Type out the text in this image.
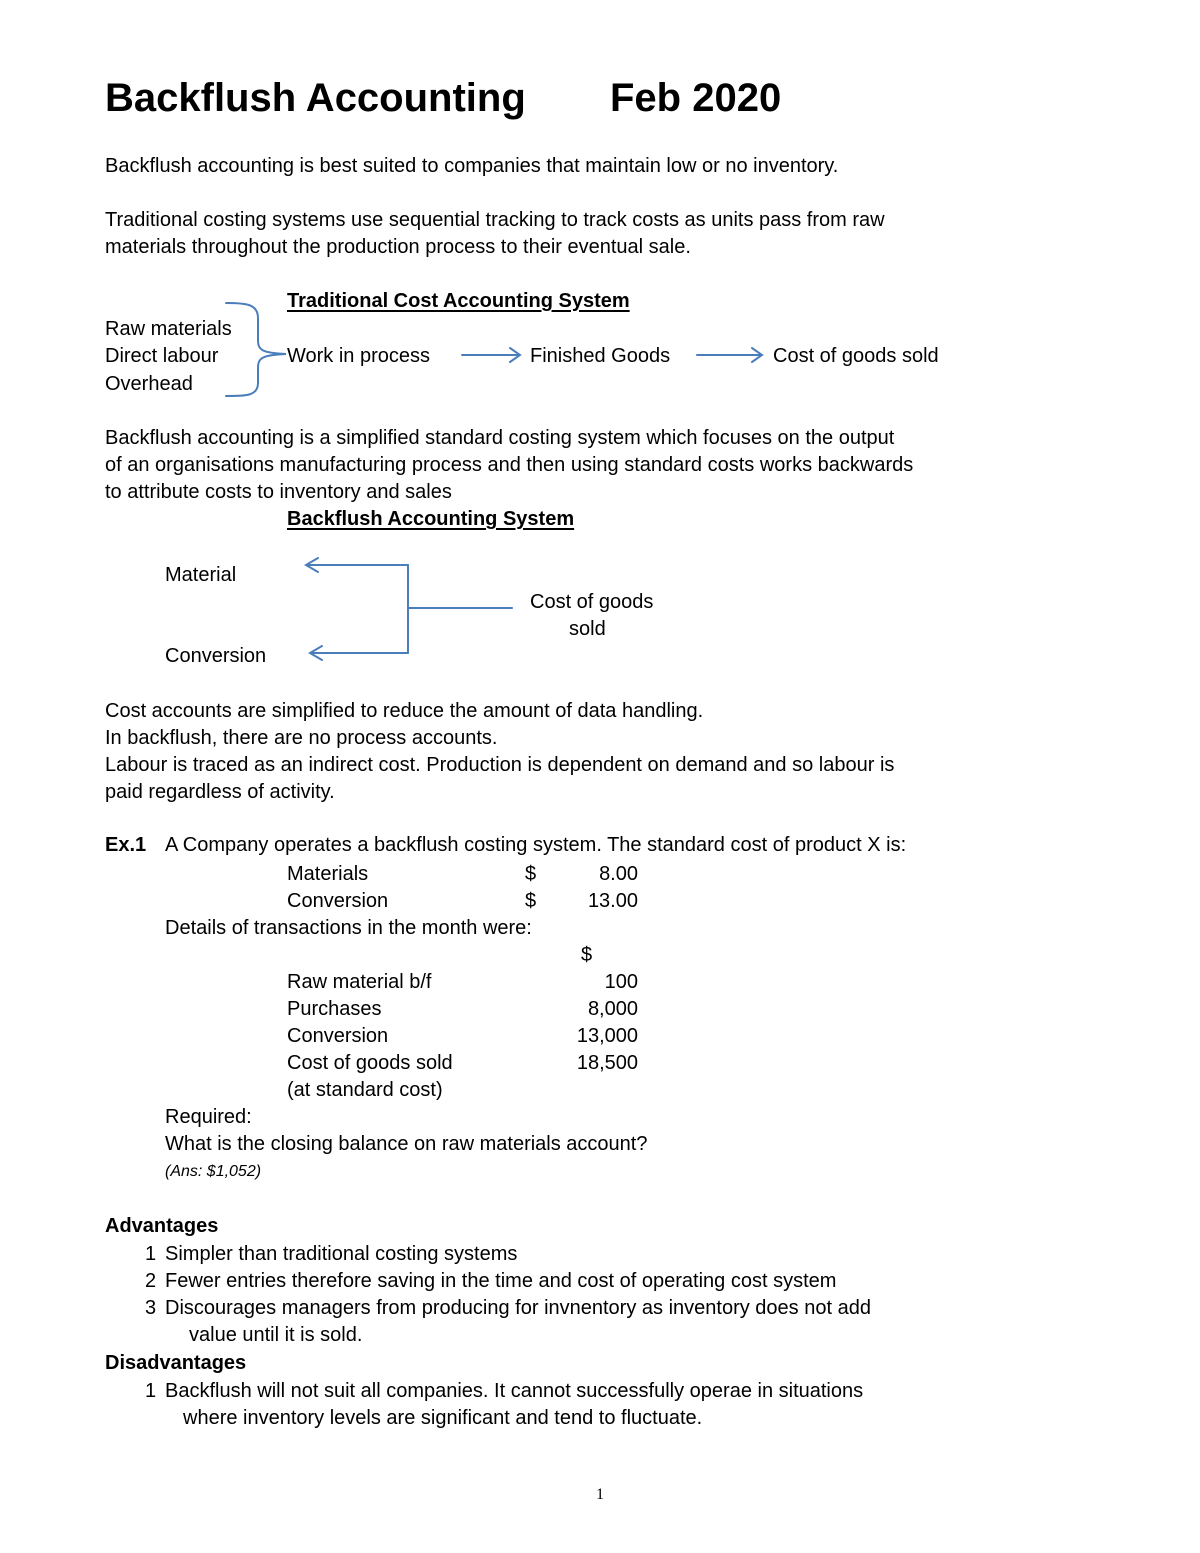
Backflush Accounting Feb 2020

Backflush accounting is best suited to companies that maintain low or no inventory.

Traditional costing systems use sequential tracking to track costs as units pass from raw

materials throughout the production process to their eventual sale.

Traditional Cost Accounting System
Raw materials
Direct labour
Overhead
Work in process	Finished Goods	Cost of goods sold

Backflush accounting is a simplified standard costing system which focuses on the output

of an organisations manufacturing process and then using standard costs works backwards

to attribute costs to inventory and sales

Backflush Accounting System
Material
Cost of goods
sold
Conversion

Cost accounts are simplified to reduce the amount of data handling.

In backflush, there are no process accounts.

Labour is traced as an indirect cost. Production is dependent on demand and so labour is

paid regardless of activity.

Ex.1 A Company operates a backflush costing system. The standard cost of product X is:
Materials	$	8.00
Conversion	$	13.00
Details of transactions in the month were:
$
Raw material b/f	100
Purchases	8,000
Conversion	13,000
Cost of goods sold	18,500
(at standard cost)
Required:
What is the closing balance on raw materials account?
(Ans: $1,052)
Advantages
1 Simpler than traditional costing systems
2 Fewer entries therefore saving in the time and cost of operating cost system
3 Discourages managers from producing for invnentory as inventory does not add
value until it is sold.
Disadvantages
1 Backflush will not suit all companies. It cannot successfully operae in situations
where inventory levels are significant and tend to fluctuate.
1
